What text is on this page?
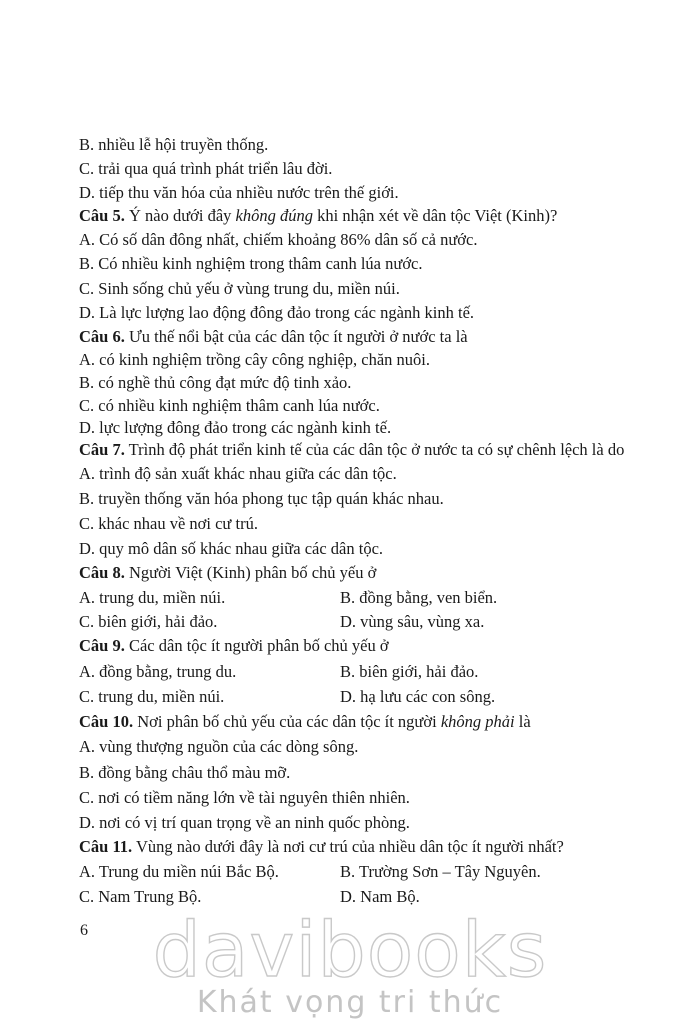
B. nhiều lễ hội truyền thống.
C. trải qua quá trình phát triển lâu đời.
D. tiếp thu văn hóa của nhiều nước trên thế giới.
Câu 5. Ý nào dưới đây không đúng khi nhận xét về dân tộc Việt (Kinh)?
A. Có số dân đông nhất, chiếm khoảng 86% dân số cả nước.
B. Có nhiều kinh nghiệm trong thâm canh lúa nước.
C. Sinh sống chủ yếu ở vùng trung du, miền núi.
D. Là lực lượng lao động đông đảo trong các ngành kinh tế.
Câu 6. Ưu thế nổi bật của các dân tộc ít người ở nước ta là
A. có kinh nghiệm trồng cây công nghiệp, chăn nuôi.
B. có nghề thủ công đạt mức độ tinh xảo.
C. có nhiều kinh nghiệm thâm canh lúa nước.
D. lực lượng đông đảo trong các ngành kinh tế.
Câu 7. Trình độ phát triển kinh tế của các dân tộc ở nước ta có sự chênh lệch là do
A. trình độ sản xuất khác nhau giữa các dân tộc.
B. truyền thống văn hóa phong tục tập quán khác nhau.
C. khác nhau về nơi cư trú.
D. quy mô dân số khác nhau giữa các dân tộc.
Câu 8. Người Việt (Kinh) phân bố chủ yếu ở
A. trung du, miền núi.	B. đồng bằng, ven biển.
C. biên giới, hải đảo.	D. vùng sâu, vùng xa.
Câu 9. Các dân tộc ít người phân bố chủ yếu ở
A. đồng bằng, trung du.	B. biên giới, hải đảo.
C. trung du, miền núi.	D. hạ lưu các con sông.
Câu 10. Nơi phân bố chủ yếu của các dân tộc ít người không phải là
A. vùng thượng nguồn của các dòng sông.
B. đồng bằng châu thổ màu mỡ.
C. nơi có tiềm năng lớn về tài nguyên thiên nhiên.
D. nơi có vị trí quan trọng về an ninh quốc phòng.
Câu 11. Vùng nào dưới đây là nơi cư trú của nhiều dân tộc ít người nhất?
A. Trung du miền núi Bắc Bộ.	B. Trường Sơn – Tây Nguyên.
C. Nam Trung Bộ.	D. Nam Bộ.
6 davibooks
Khát vọng tri thức
